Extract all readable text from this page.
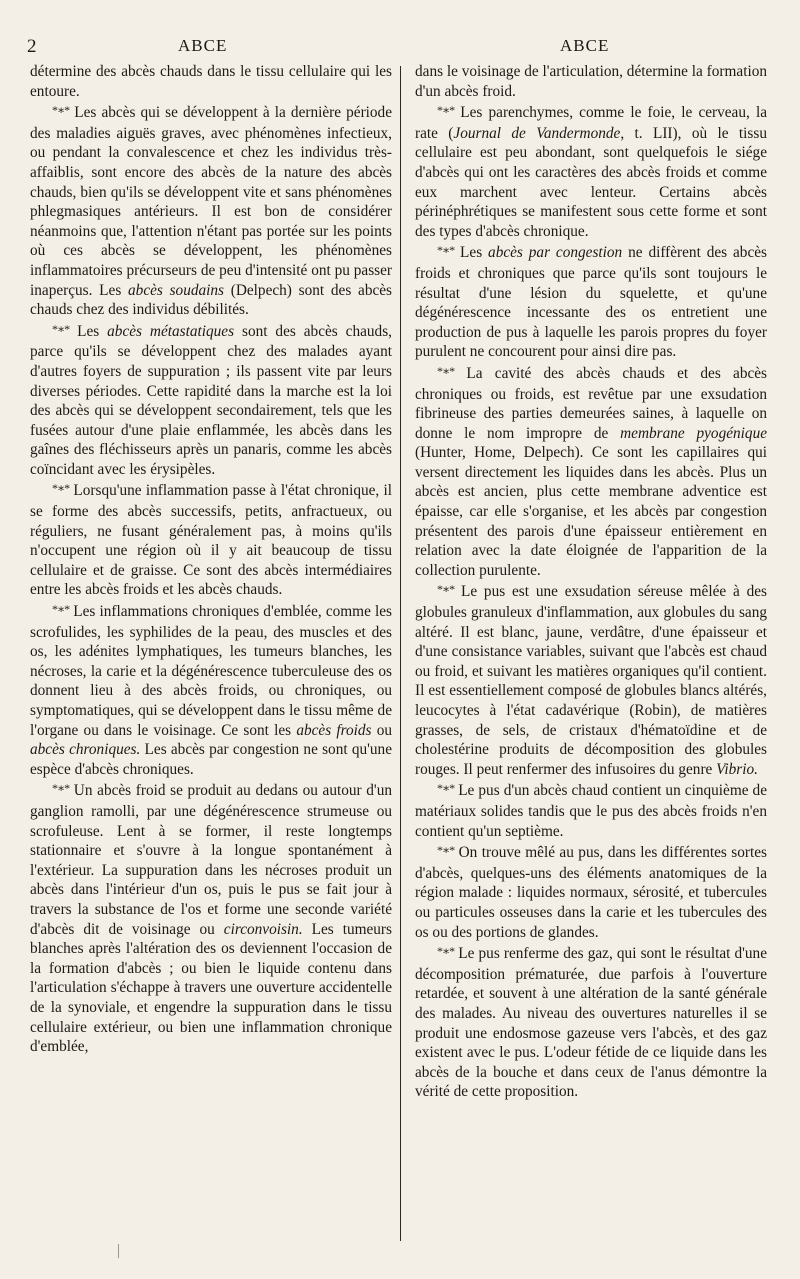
2	ABCE	ABCE

détermine des abcès chauds dans le tissu cellulaire qui les entoure.

*∗* Les abcès qui se développent à la dernière période des maladies aiguës graves, avec phénomènes infectieux, ou pendant la convalescence et chez les individus très-affaiblis, sont encore des abcès de la nature des abcès chauds, bien qu'ils se développent vite et sans phénomènes phlegmasiques antérieurs. Il est bon de considérer néanmoins que, l'attention n'étant pas portée sur les points où ces abcès se développent, les phénomènes inflammatoires précurseurs de peu d'intensité ont pu passer inaperçus. Les abcès soudains (Delpech) sont des abcès chauds chez des individus débilités.

*∗* Les abcès métastatiques sont des abcès chauds, parce qu'ils se développent chez des malades ayant d'autres foyers de suppuration ; ils passent vite par leurs diverses périodes. Cette rapidité dans la marche est la loi des abcès qui se développent secondairement, tels que les fusées autour d'une plaie enflammée, les abcès dans les gaînes des fléchisseurs après un panaris, comme les abcès coïncidant avec les érysipèles.

*∗* Lorsqu'une inflammation passe à l'état chronique, il se forme des abcès successifs, petits, anfractueux, ou réguliers, ne fusant généralement pas, à moins qu'ils n'occupent une région où il y ait beaucoup de tissu cellulaire et de graisse. Ce sont des abcès intermédiaires entre les abcès froids et les abcès chauds.

*∗* Les inflammations chroniques d'emblée, comme les scrofulides, les syphilides de la peau, des muscles et des os, les adénites lymphatiques, les tumeurs blanches, les nécroses, la carie et la dégénérescence tuberculeuse des os donnent lieu à des abcès froids, ou chroniques, ou symptomatiques, qui se développent dans le tissu même de l'organe ou dans le voisinage. Ce sont les abcès froids ou abcès chroniques. Les abcès par congestion ne sont qu'une espèce d'abcès chroniques.

*∗* Un abcès froid se produit au dedans ou autour d'un ganglion ramolli, par une dégénérescence strumeuse ou scrofuleuse. Lent à se former, il reste longtemps stationnaire et s'ouvre à la longue spontanément à l'extérieur. La suppuration dans les nécroses produit un abcès dans l'intérieur d'un os, puis le pus se fait jour à travers la substance de l'os et forme une seconde variété d'abcès dit de voisinage ou circonvoisin. Les tumeurs blanches après l'altération des os deviennent l'occasion de la formation d'abcès ; ou bien le liquide contenu dans l'articulation s'échappe à travers une ouverture accidentelle de la synoviale, et engendre la suppuration dans le tissu cellulaire extérieur, ou bien une inflammation chronique d'emblée,

dans le voisinage de l'articulation, détermine la formation d'un abcès froid.

*∗* Les parenchymes, comme le foie, le cerveau, la rate (Journal de Vandermonde, t. LII), où le tissu cellulaire est peu abondant, sont quelquefois le siége d'abcès qui ont les caractères des abcès froids et comme eux marchent avec lenteur. Certains abcès périnéphrétiques se manifestent sous cette forme et sont des types d'abcès chronique.

*∗* Les abcès par congestion ne diffèrent des abcès froids et chroniques que parce qu'ils sont toujours le résultat d'une lésion du squelette, et qu'une dégénérescence incessante des os entretient une production de pus à laquelle les parois propres du foyer purulent ne concourent pour ainsi dire pas.

*∗* La cavité des abcès chauds et des abcès chroniques ou froids, est revêtue par une exsudation fibrineuse des parties demeurées saines, à laquelle on donne le nom impropre de membrane pyogénique (Hunter, Home, Delpech). Ce sont les capillaires qui versent directement les liquides dans les abcès. Plus un abcès est ancien, plus cette membrane adventice est épaisse, car elle s'organise, et les abcès par congestion présentent des parois d'une épaisseur entièrement en relation avec la date éloignée de l'apparition de la collection purulente.

*∗* Le pus est une exsudation séreuse mêlée à des globules granuleux d'inflammation, aux globules du sang altéré. Il est blanc, jaune, verdâtre, d'une épaisseur et d'une consistance variables, suivant que l'abcès est chaud ou froid, et suivant les matières organiques qu'il contient. Il est essentiellement composé de globules blancs altérés, leucocytes à l'état cadavérique (Robin), de matières grasses, de sels, de cristaux d'hématoïdine et de cholestérine produits de décomposition des globules rouges. Il peut renfermer des infusoires du genre Vibrio.

*∗* Le pus d'un abcès chaud contient un cinquième de matériaux solides tandis que le pus des abcès froids n'en contient qu'un septième.

*∗* On trouve mêlé au pus, dans les différentes sortes d'abcès, quelques-uns des éléments anatomiques de la région malade : liquides normaux, sérosité, et tubercules ou particules osseuses dans la carie et les tubercules des os ou des portions de glandes.

*∗* Le pus renferme des gaz, qui sont le résultat d'une décomposition prématurée, due parfois à l'ouverture retardée, et souvent à une altération de la santé générale des malades. Au niveau des ouvertures naturelles il se produit une endosmose gazeuse vers l'abcès, et des gaz existent avec le pus. L'odeur fétide de ce liquide dans les abcès de la bouche et dans ceux de l'anus démontre la vérité de cette proposition.
